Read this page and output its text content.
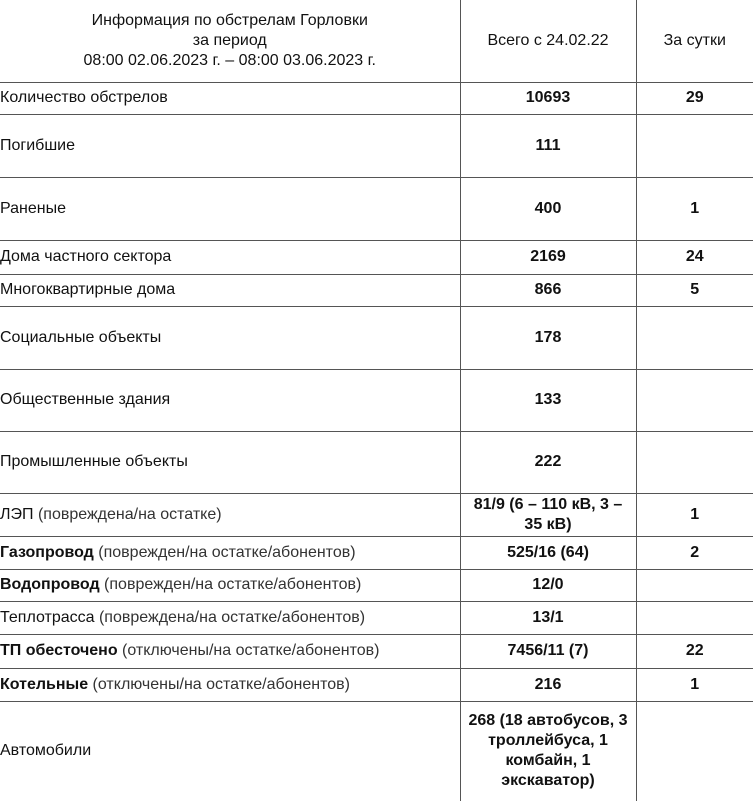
Информация по обстрелам Горловки
за период
08:00 02.06.2023 г. – 08:00 03.06.2023 г.	Всего с 24.02.22	За сутки
Количество обстрелов	10693	29
Погибшие	111	
Раненые	400	1
Дома частного сектора	2169	24
Многоквартирные дома	866	5
Социальные объекты	178	
Общественные здания	133	
Промышленные объекты	222	
ЛЭП (повреждена/на остатке)	81/9 (6 – 110 кВ, 3 – 35 кВ)	1
Газопровод (поврежден/на остатке/абонентов)	525/16 (64)	2
Водопровод (поврежден/на остатке/абонентов)	12/0	
Теплотрасса (повреждена/на остатке/абонентов)	13/1	
ТП обесточено (отключены/на остатке/абонентов)	7456/11 (7)	22
Котельные (отключены/на остатке/абонентов)	216	1
Автомобили	268 (18 автобусов, 3 троллейбуса, 1 комбайн, 1 экскаватор)	
